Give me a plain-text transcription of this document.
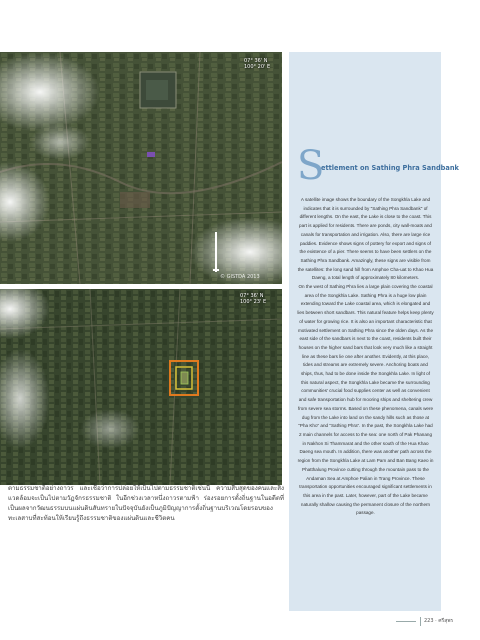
07° 36' N
100° 20' E
© GISTDA 2013
07° 36' N
100° 23' E
ตามธรรมชาติอย่างถาวร และเชื่อว่าการปล่อยให้เป็นไปตามธรรมชาติเช่นนี้ ความสืบสุดของคนและสิ่งแวดล้อมจะเป็นไปตามวัฏจักรธรรมชาติ ในอีกช่วงเวลาหนึ่งถาวรตามฟ้า ร่องรอยการตั้งถิ่นฐานในอดีตที่เป็นผลจากวัฒนธรรมบนแผ่นดินสันทรายในปัจจุบันยังเป็นภูมิปัญญาการตั้งถิ่นฐานบริเวณโดยรอบของทะเลสาบที่สะท้อนให้เรียนรู้ถึงธรรมชาติของแผ่นดินและชีวิตคน
S
ettlement on Sathing Phra Sandbank

A satellite image shows the boundary of the Songkhla Lake and indicates that it is surrounded by "Sathing Phra Sandbank" of different lengths. On the east, the Lake is close to the coast. This part is applied for residents. There are ponds, city wall-moats and canals for transportation and irrigation. Also, there are large rice paddies. Evidence shows signs of pottery for export and signs of the existence of a pier. There seems to have been settlers on the Sathing Phra Sandbank. Amazingly, these signs are visible from the satellites: the long sand hill from Amphoe Cha-uat to Khao Hua Daeng, a total length of approximately 80 kilometers.

On the west of Sathing Phra lies a large plain covering the coastal area of the Songkhla Lake. Sathing Phra is a huge low plain extending toward the Lake coastal area, which is elongated and lies between short sandbars. This natural feature helps keep plenty of water for growing rice. It is also an important characteristic that motivated settlement on Sathing Phra since the olden days. As the east side of the sandbars is next to the coast, residents built their houses on the higher sand bars that look very much like a straight line as these bars lie one after another. Evidently, at this place, tides and streams are extremely severe. Anchoring boats and ships, thus, had to be done inside the Songkhla Lake. In light of this natural aspect, the Songkhla Lake became the surrounding communities' crucial food supplies center as well as convenient and safe transportation hub for mooring ships and sheltering crew from severe sea storms. Based on these phenomena, canals were dug from the Lake into land on the sandy hills such as those at "Pha Kho" and "Sathing Phra". In the past, the Songkhla Lake had 2 main channels for access to the sea: one north of Pak Phanang in Nakhon Si Thammarat and the other south of the Hua Khao Daeng sea mouth. In addition, there was another path across the region from the Songkhla Lake at Lam Pam and Ban Bang Kaeo in Phatthalung Province cutting through the mountain pass to the Andaman Sea at Amphoe Palian in Trang Province. These transportation opportunities encouraged significant settlements in this area in the past. Later, however, part of the Lake became naturally shallow causing the permanent closure of the northern passage.

223 · ศรีสุพร
